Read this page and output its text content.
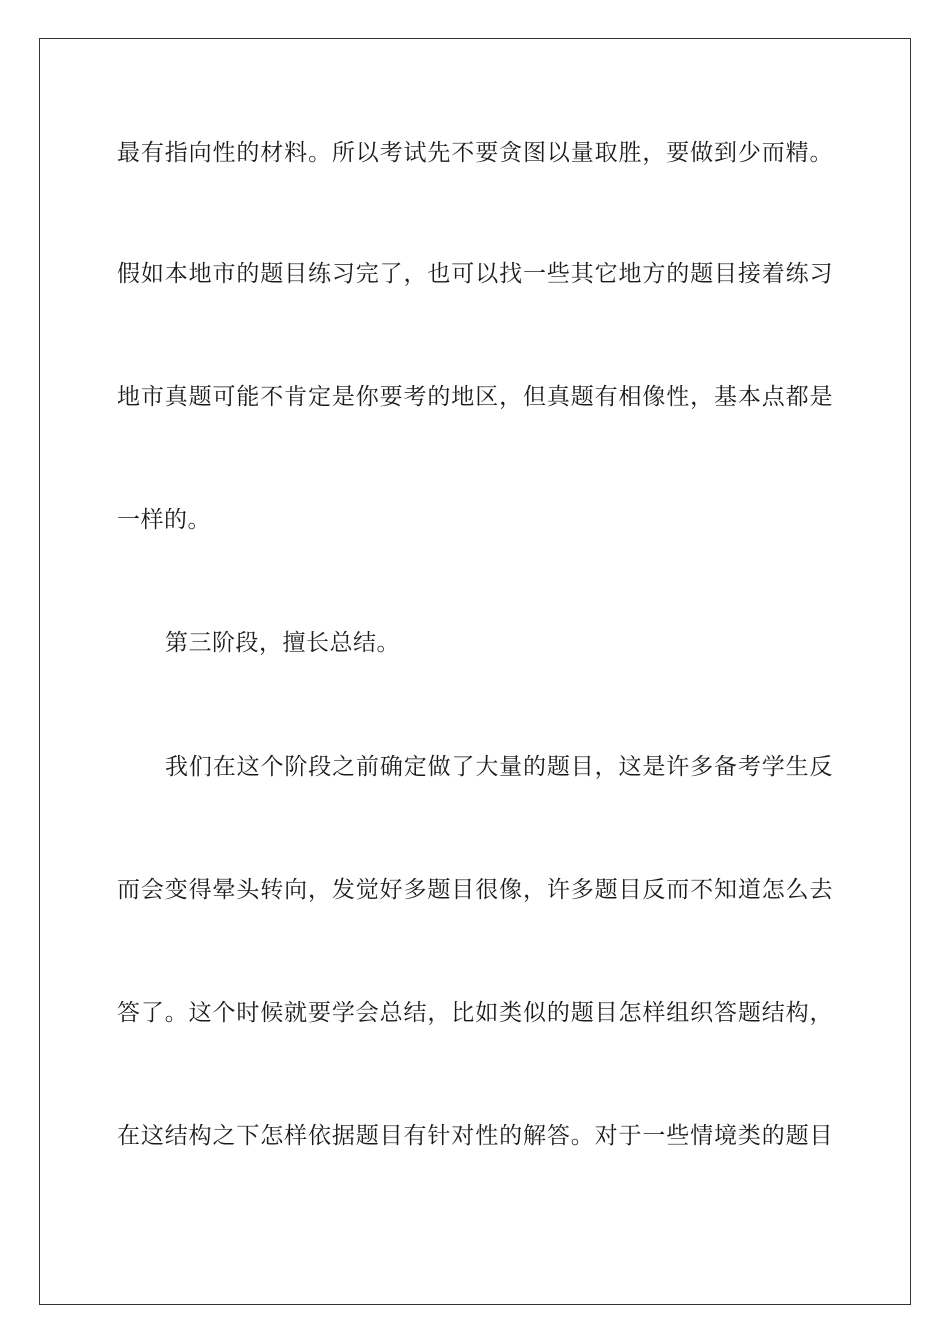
最有指向性的材料。所以考试先不要贪图以量取胜，要做到少而精。
假如本地市的题目练习完了，也可以找一些其它地方的题目接着练习
地市真题可能不肯定是你要考的地区，但真题有相像性，基本点都是
一样的。
第三阶段，擅长总结。
我们在这个阶段之前确定做了大量的题目，这是许多备考学生反
而会变得晕头转向，发觉好多题目很像，许多题目反而不知道怎么去
答了。这个时候就要学会总结，比如类似的题目怎样组织答题结构，
在这结构之下怎样依据题目有针对性的解答。对于一些情境类的题目
